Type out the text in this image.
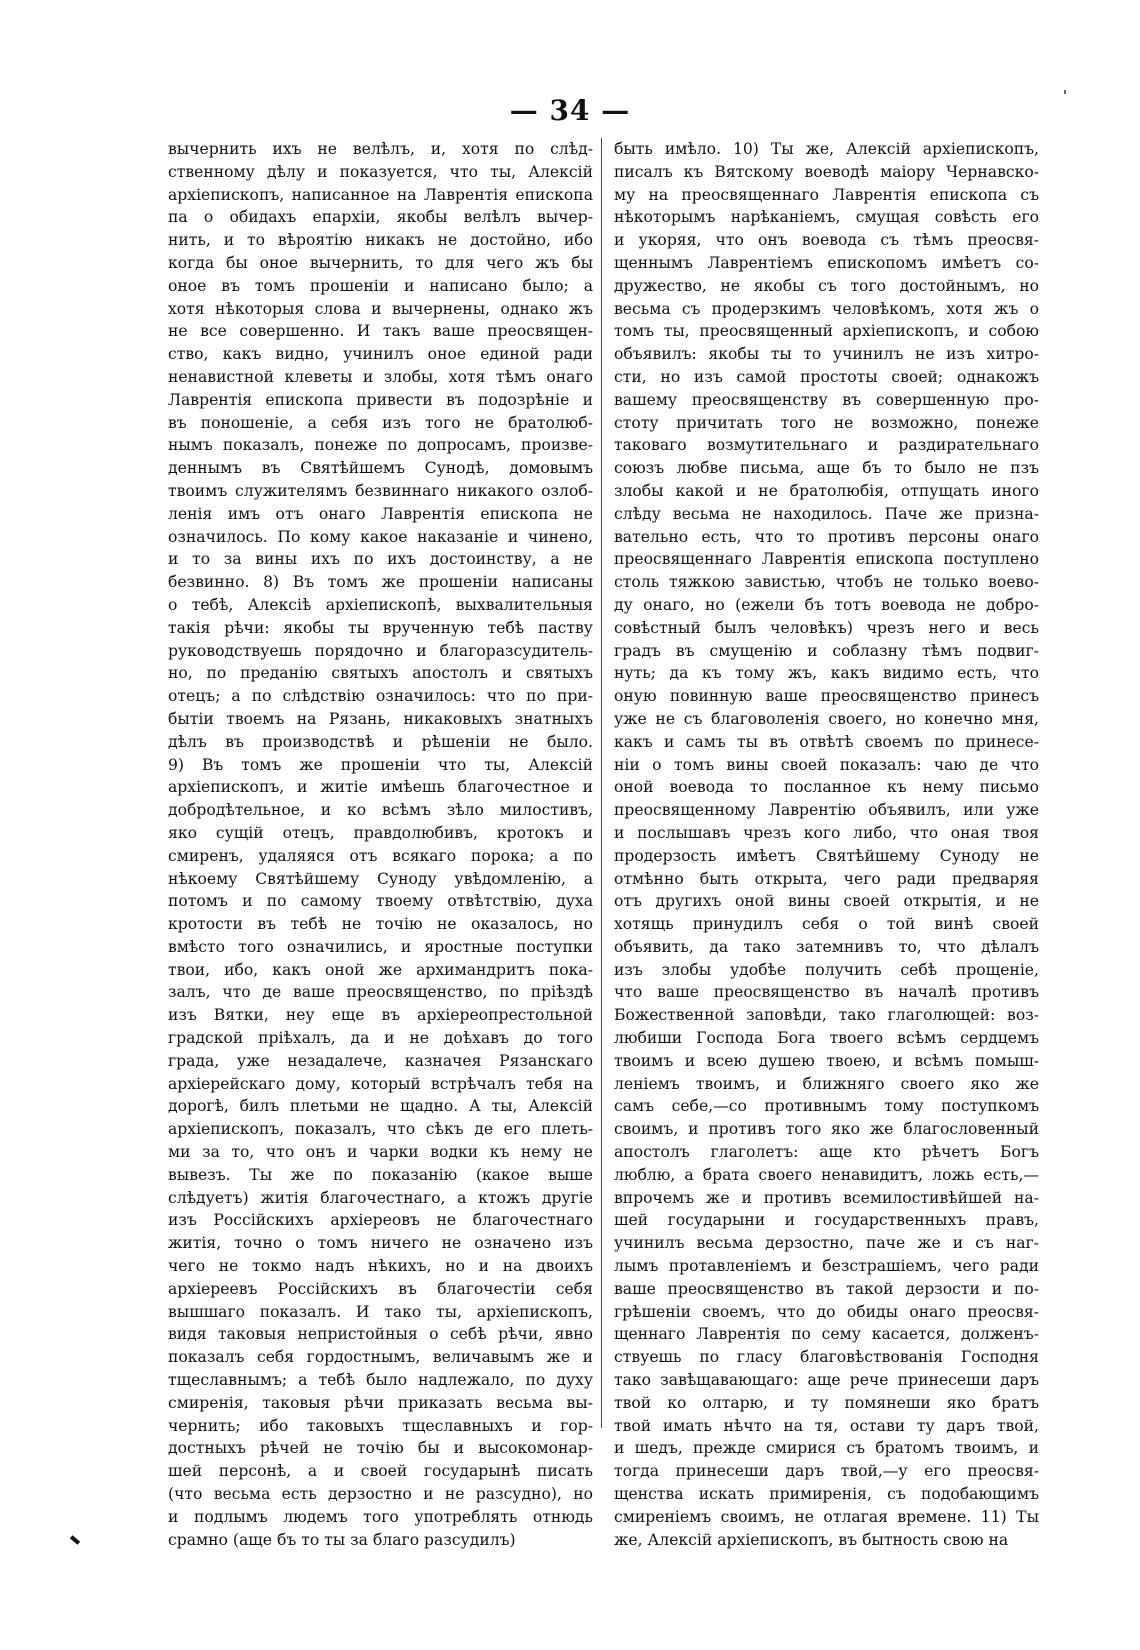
— 34 —
вычернить ихъ не велѣлъ, и, хотя по слѣд-
ственному дѣлу и показуется, что ты, Алексій
архіепископъ, написанное на Лаврентія епископа
па о обидахъ епархіи, якобы велѣлъ вычер-
нить, и то вѣроятію никакъ не достойно, ибо
когда бы оное вычернить, то для чего жъ бы
оное въ томъ прошеніи и написано было; а
хотя нѣкоторыя слова и вычернены, однако жъ
не все совершенно. И такъ ваше преосвящен-
ство, какъ видно, учинилъ оное единой ради
ненавистной клеветы и злобы, хотя тѣмъ онаго
Лаврентія епископа привести въ подозрѣніе и
въ поношеніе, а себя изъ того не братолюб-
нымъ показалъ, понеже по допросамъ, произве-
деннымъ въ Святѣйшемъ Сунодѣ, домовымъ
твоимъ служителямъ безвиннаго никакого озлоб-
ленія имъ отъ онаго Лаврентія епископа не
означилось. По кому какое наказаніе и чинено,
и то за вины ихъ по ихъ достоинству, а не
безвинно. 8) Въ томъ же прошеніи написаны
о тебѣ, Алексіѣ архіепископѣ, выхвалительныя
такія рѣчи: якобы ты врученную тебѣ паству
руководствуешь порядочно и благоразсудитель-
но, по преданію святыхъ апостолъ и святыхъ
отецъ; а по слѣдствію означилось: что по при-
бытіи твоемъ на Рязань, никаковыхъ знатныхъ
дѣлъ въ производствѣ и рѣшеніи не было.
9) Въ томъ же прошеніи что ты, Алексій
архіепископъ, и житіе имѣешь благочестное и
добродѣтельное, и ко всѣмъ зѣло милостивъ,
яко сущій отецъ, правдолюбивъ, кротокъ и
смиренъ, удаляяся отъ всякаго порока; а по
нѣкоему Святѣйшему Суноду увѣдомленію, а
потомъ и по самому твоему отвѣтствію, духа
кротости въ тебѣ не точію не оказалось, но
вмѣсто того означились, и яростные поступки
твои, ибо, какъ оной же архимандритъ пока-
залъ, что де ваше преосвященство, по пріѣздѣ
изъ Вятки, неу еще въ архіереопрестольной
градской пріѣхалъ, да и не доѣхавъ до того
града, уже незадалече, казначея Рязанскаго
архіерейскаго дому, который встрѣчалъ тебя на
дорогѣ, билъ плетьми не щадно. А ты, Алексій
архіепископъ, показалъ, что сѣкъ де его плеть-
ми за то, что онъ и чарки водки къ нему не
вывезъ. Ты же по показанію (какое выше
слѣдуетъ) житія благочестнаго, а ктожъ другіе
изъ Россійскихъ архіереовъ не благочестнаго
житія, точно о томъ ничего не означено изъ
чего не токмо надъ нѣкихъ, но и на двоихъ
архіереевъ Россійскихъ въ благочестіи себя
вышшаго показалъ. И тако ты, архіепископъ,
видя таковыя непристойныя о себѣ рѣчи, явно
показалъ себя гордостнымъ, величавымъ же и
тщеславнымъ; а тебѣ было надлежало, по духу
смиренія, таковыя рѣчи приказать весьма вы-
чернить; ибо таковыхъ тщеславныхъ и гор-
достныхъ рѣчей не точію бы и высокомонар-
шей персонѣ, а и своей государынѣ писать
(что весьма есть дерзостно и не разсудно), но
и подлымъ людемъ того употреблять отнюдь
срамно (аще бъ то ты за благо разсудилъ)
быть имѣло. 10) Ты же, Алексій архіепископъ,
писалъ къ Вятскому воеводѣ маіору Чернавско-
му на преосвященнаго Лаврентія епископа съ
нѣкоторымъ нарѣканіемъ, смущая совѣсть его
и укоряя, что онъ воевода съ тѣмъ преосвя-
щеннымъ Лаврентіемъ епископомъ имѣетъ со-
дружество, не якобы съ того достойнымъ, но
весьма съ продерзкимъ человѣкомъ, хотя жъ о
томъ ты, преосвященный архіепископъ, и собою
объявилъ: якобы ты то учинилъ не изъ хитро-
сти, но изъ самой простоты своей; однакожъ
вашему преосвященству въ совершенную про-
стоту причитать того не возможно, понеже
таковаго возмутительнаго и раздирательнаго
союзъ любве письма, аще бъ то было не пзъ
злобы какой и не братолюбія, отпущать иного
слѣду весьма не находилось. Паче же призна-
вательно есть, что то противъ персоны онаго
преосвященнаго Лаврентія епископа поступлено
столь тяжкою завистью, чтобъ не только воево-
ду онаго, но (ежели бъ тотъ воевода не добро-
совѣстный былъ человѣкъ) чрезъ него и весь
градъ въ смущенію и соблазну тѣмъ подвиг-
нуть; да къ тому жъ, какъ видимо есть, что
оную повинную ваше преосвященство принесъ
уже не съ благоволенія своего, но конечно мня,
какъ и самъ ты въ отвѣтѣ своемъ по принесе-
ніи о томъ вины своей показалъ: чаю де что
оной воевода то посланное къ нему письмо
преосвященному Лаврентію объявилъ, или уже
и послышавъ чрезъ кого либо, что оная твоя
продерзость имѣетъ Святѣйшему Суноду не
отмѣнно быть открыта, чего ради предваряя
отъ другихъ оной вины своей открытія, и не
хотящь принудилъ себя о той винѣ своей
объявить, да тако затемнивъ то, что дѣлалъ
изъ злобы удобѣе получить себѣ прощеніе,
что ваше преосвященство въ началѣ противъ
Божественной заповѣди, тако глаголющей: воз-
любиши Господа Бога твоего всѣмъ сердцемъ
твоимъ и всею душею твоею, и всѣмъ помыш-
леніемъ твоимъ, и ближняго своего яко же
самъ себе,—со противнымъ тому поступкомъ
своимъ, и противъ того яко же благословенный
апостолъ глаголетъ: аще кто рѣчетъ Богъ
люблю, а брата своего ненавидитъ, ложь есть,—
впрочемъ же и противъ всемилостивѣйшей на-
шей государыни и государственныхъ правъ,
учинилъ весьма дерзостно, паче же и съ наг-
лымъ протавленіемъ и безстрашіемъ, чего ради
ваше преосвященство въ такой дерзости и по-
грѣшеніи своемъ, что до обиды онаго преосвя-
щеннаго Лаврентія по сему касается, долженъ-
ствуешь по гласу благовѣствованія Господня
тако завѣщавающаго: аще рече принесеши даръ
твой ко олтарю, и ту помянеши яко братъ
твой имать нѣчто на тя, остави ту даръ твой,
и шедъ, прежде смирися съ братомъ твоимъ, и
тогда принесеши даръ твой,—у его преосвя-
щенства искать примиренія, съ подобающимъ
смиреніемъ своимъ, не отлагая времене. 11) Ты
же, Алексій архіепископъ, въ бытность свою на
